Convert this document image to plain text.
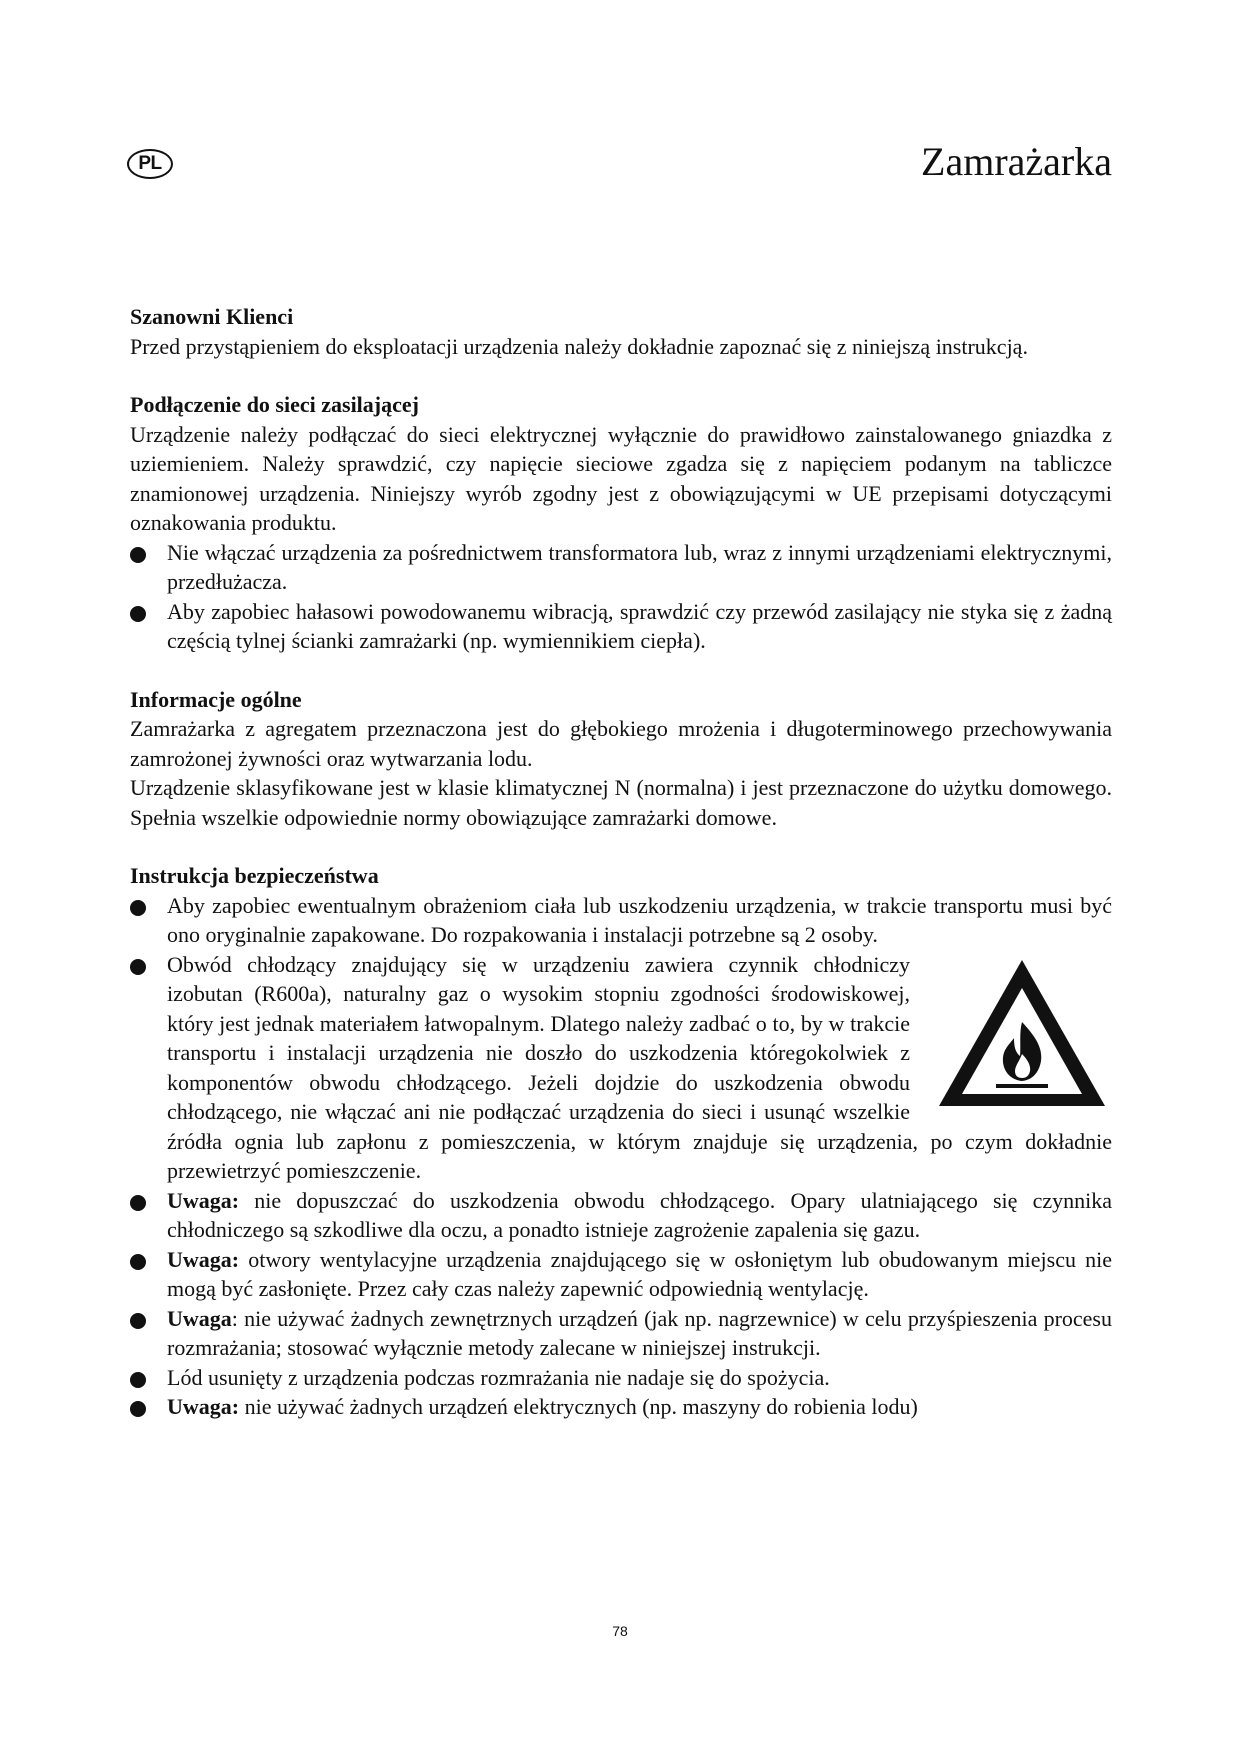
PL	Zamrażarka
Szanowni Klienci

Przed przystąpieniem do eksploatacji urządzenia należy dokładnie zapoznać się z niniejszą instrukcją.

Podłączenie do sieci zasilającej

Urządzenie należy podłączać do sieci elektrycznej wyłącznie do prawidłowo zainstalowanego gniazdka z uziemieniem. Należy sprawdzić, czy napięcie sieciowe zgadza się z napięciem podanym na tabliczce znamionowej urządzenia. Niniejszy wyrób zgodny jest z obowiązującymi w UE przepisami dotyczącymi oznakowania produktu.

Nie włączać urządzenia za pośrednictwem transformatora lub, wraz z innymi urządzeniami elektrycznymi, przedłużacza.
Aby zapobiec hałasowi powodowanemu wibracją, sprawdzić czy przewód zasilający nie styka się z żadną częścią tylnej ścianki zamrażarki (np. wymiennikiem ciepła).
Informacje ogólne

Zamrażarka z agregatem przeznaczona jest do głębokiego mrożenia i długoterminowego przechowywania zamrożonej żywności oraz wytwarzania lodu.

Urządzenie sklasyfikowane jest w klasie klimatycznej N (normalna) i jest przeznaczone do użytku domowego. Spełnia wszelkie odpowiednie normy obowiązujące zamrażarki domowe.

Instrukcja bezpieczeństwa
Aby zapobiec ewentualnym obrażeniom ciała lub uszkodzeniu urządzenia, w trakcie transportu musi być ono oryginalnie zapakowane. Do rozpakowania i instalacji potrzebne są 2 osoby.
Obwód chłodzący znajdujący się w urządzeniu zawiera czynnik chłodniczy izobutan (R600a), naturalny gaz o wysokim stopniu zgodności środowiskowej, który jest jednak materiałem łatwopalnym. Dlatego należy zadbać o to, by w trakcie transportu i instalacji urządzenia nie doszło do uszkodzenia któregokolwiek z komponentów obwodu chłodzącego. Jeżeli dojdzie do uszkodzenia obwodu chłodzącego, nie włączać ani nie podłączać urządzenia do sieci i usunąć wszelkie źródła ognia lub zapłonu z pomieszczenia, w którym znajduje się urządzenia, po czym dokładnie przewietrzyć pomieszczenie.
Uwaga: nie dopuszczać do uszkodzenia obwodu chłodzącego. Opary ulatniającego się czynnika chłodniczego są szkodliwe dla oczu, a ponadto istnieje zagrożenie zapalenia się gazu.
Uwaga: otwory wentylacyjne urządzenia znajdującego się w osłoniętym lub obudowanym miejscu nie mogą być zasłonięte. Przez cały czas należy zapewnić odpowiednią wentylację.
Uwaga: nie używać żadnych zewnętrznych urządzeń (jak np. nagrzewnice) w celu przyśpieszenia procesu rozmrażania; stosować wyłącznie metody zalecane w niniejszej instrukcji.
Lód usunięty z urządzenia podczas rozmrażania nie nadaje się do spożycia.
Uwaga: nie używać żadnych urządzeń elektrycznych (np. maszyny do robienia lodu)
78
